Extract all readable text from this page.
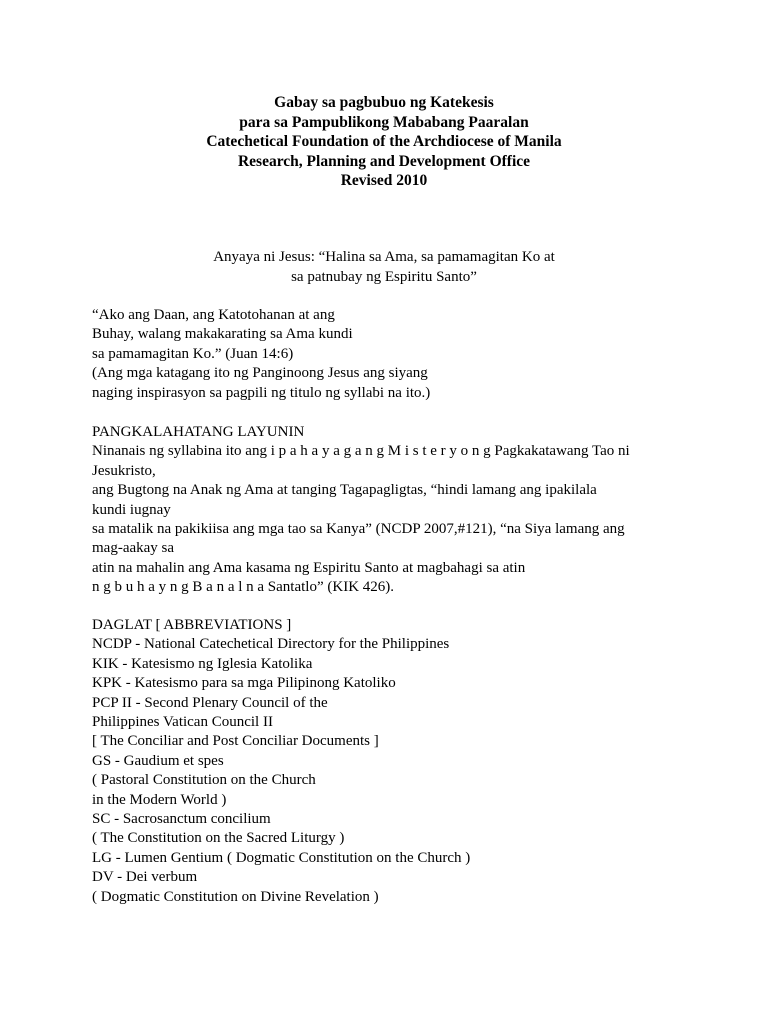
Gabay sa pagbubuo ng Katekesis
para sa Pampublikong Mababang Paaralan
Catechetical Foundation of the Archdiocese of Manila
Research, Planning and Development Office
Revised 2010
Anyaya ni Jesus: “Halina sa Ama, sa pamamagitan Ko at
sa patnubay ng Espiritu Santo”
“Ako ang Daan, ang Katotohanan at ang
Buhay, walang makakarating sa Ama kundi
sa pamamagitan Ko.” (Juan 14:6)
(Ang mga katagang ito ng Panginoong Jesus ang siyang
naging inspirasyon sa pagpili ng titulo ng syllabi na ito.)
PANGKALAHATANG LAYUNIN
Ninanais ng syllabina ito ang i p a h a y a g a n g M i s t e r y o n g Pagkakatawang Tao ni
Jesukristo,
ang Bugtong na Anak ng Ama at tanging Tagapagligtas, “hindi lamang ang ipakilala
kundi iugnay
sa matalik na pakikiisa ang mga tao sa Kanya” (NCDP 2007,#121), “na Siya lamang ang
mag-aakay sa
atin na mahalin ang Ama kasama ng Espiritu Santo at magbahagi sa atin
n g b u h a y n g B a n a l n a Santatlo” (KIK 426).
DAGLAT [ ABBREVIATIONS ]
NCDP - National Catechetical Directory for the Philippines
KIK - Katesismo ng Iglesia Katolika
KPK - Katesismo para sa mga Pilipinong Katoliko
PCP II - Second Plenary Council of the
Philippines Vatican Council II
[ The Conciliar and Post Conciliar Documents ]
GS - Gaudium et spes
( Pastoral Constitution on the Church
in the Modern World )
SC - Sacrosanctum concilium
( The Constitution on the Sacred Liturgy )
LG - Lumen Gentium ( Dogmatic Constitution on the Church )
DV - Dei verbum
( Dogmatic Constitution on Divine Revelation )
